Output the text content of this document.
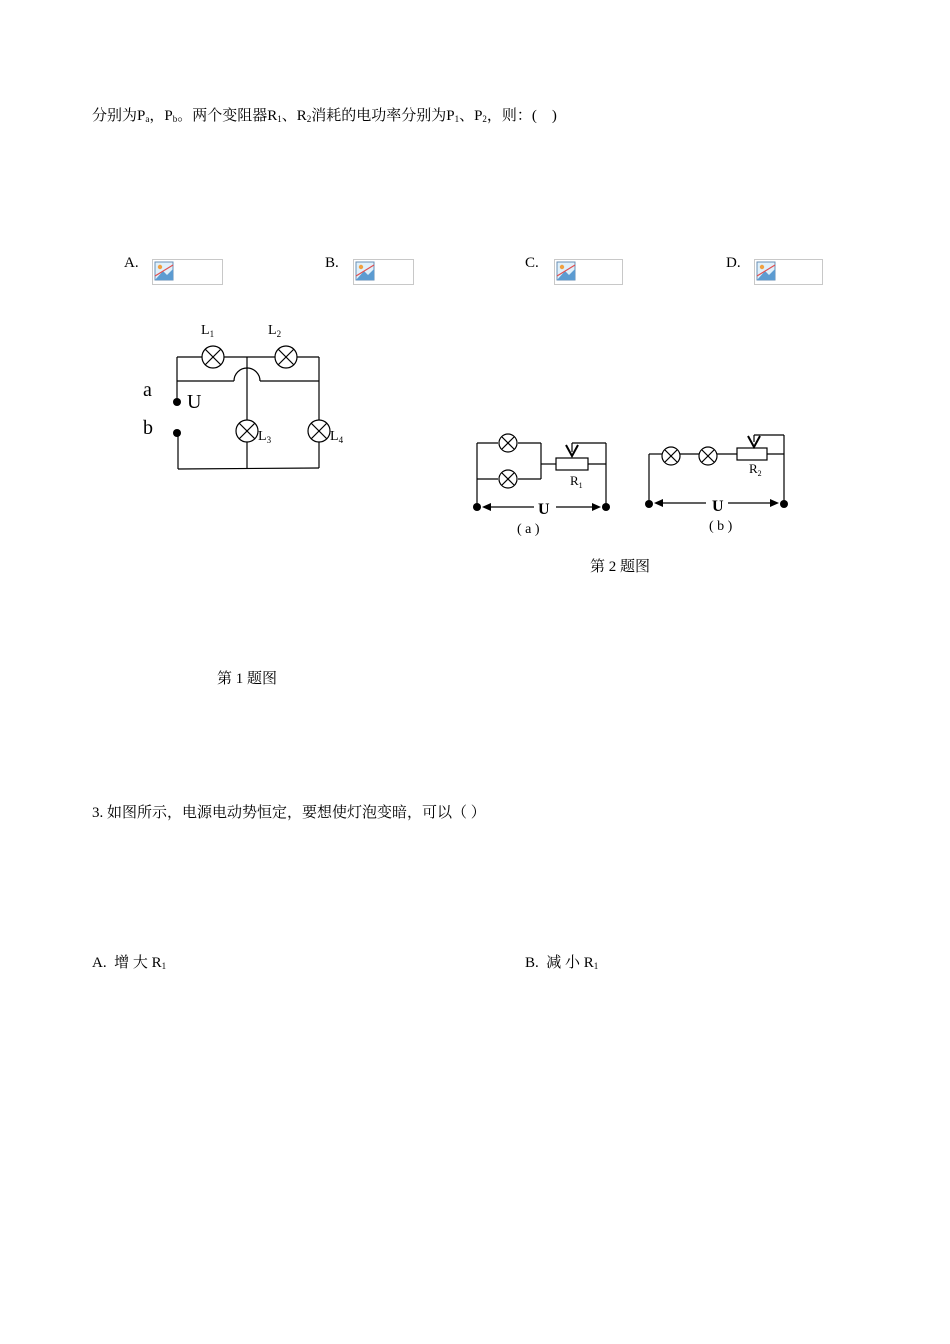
分别为$P_a$，$P_b$。两个变阻器$R_1$、$R_2$消耗的电功率分别为$P_1$、$P_2$，则：(　)
A.	B.	C.	D.
$L_1$	$L_2$
$L_3$	$L_4$
a
b
U
第 1 题图
U	U
$R_1$
$R_2$
( a )	( b )
第 2 题图
3. 如图所示，电源电动势恒定，要想使灯泡变暗，可以（ ）
A. 增 大 $R_1$	B. 减 小 $R_1$
